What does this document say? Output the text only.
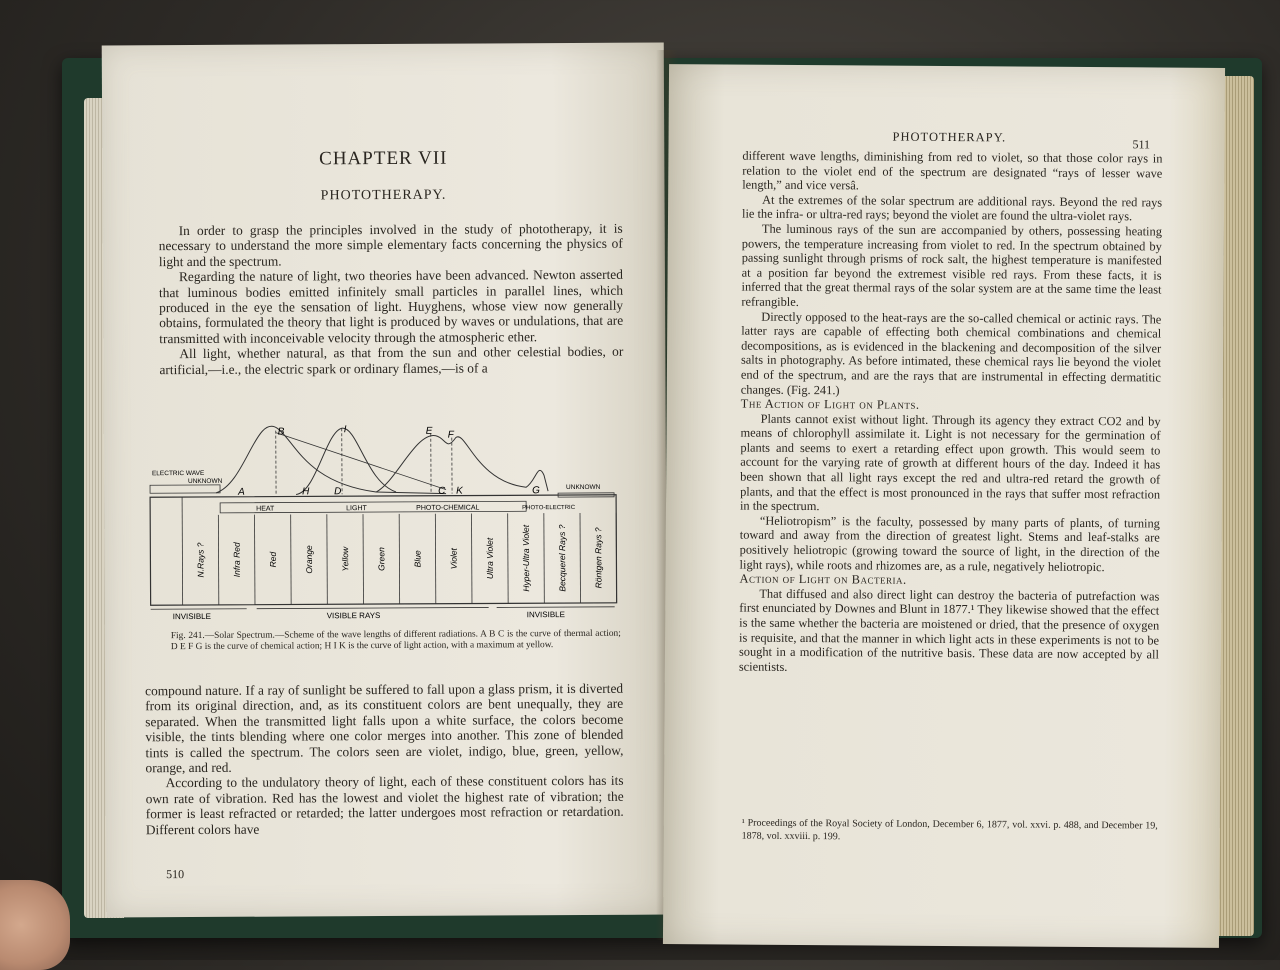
CHAPTER VII
PHOTOTHERAPY.

In order to grasp the principles involved in the study of phototherapy, it is necessary to understand the more simple elementary facts concerning the physics of light and the spectrum.

Regarding the nature of light, two theories have been advanced. Newton asserted that luminous bodies emitted infinitely small particles in parallel lines, which produced in the eye the sensation of light. Huyghens, whose view now generally obtains, formulated the theory that light is produced by waves or undulations, that are transmitted with inconceivable velocity through the atmospheric ether.

All light, whether natural, as that from the sun and other celestial bodies, or artificial,—i.e., the electric spark or ordinary flames,—is of a

A
B
C
D
E F
G
H
I
K
ELECTRIC WAVE
UNKNOWN
UNKNOWN
HEAT	LIGHT	PHOTO-CHEMICAL	PHOTO-ELECTRIC
N.Rays ?	Infra Red	Red	Orange	Yellow	Green	Blue	Violet	Ultra Violet	Hyper-Ultra Violet	Becquerel Rays ?	Röntgen Rays ?
INVISIBLE	VISIBLE RAYS	INVISIBLE
Fig. 241.—Solar Spectrum.—Scheme of the wave lengths of different radiations. A B C is the curve of thermal action; D E F G is the curve of chemical action; H I K is the curve of light action, with a maximum at yellow.

compound nature. If a ray of sunlight be suffered to fall upon a glass prism, it is diverted from its original direction, and, as its constituent colors are bent unequally, they are separated. When the transmitted light falls upon a white surface, the colors become visible, the tints blending where one color merges into another. This zone of blended tints is called the spectrum. The colors seen are violet, indigo, blue, green, yellow, orange, and red.

According to the undulatory theory of light, each of these constituent colors has its own rate of vibration. Red has the lowest and violet the highest rate of vibration; the former is least refracted or retarded; the latter undergoes most refraction or retardation. Different colors have

510
PHOTOTHERAPY.	511

different wave lengths, diminishing from red to violet, so that those color rays in relation to the violet end of the spectrum are designated “rays of lesser wave length,” and vice versâ.

At the extremes of the solar spectrum are additional rays. Beyond the red rays lie the infra- or ultra-red rays; beyond the violet are found the ultra-violet rays.

The luminous rays of the sun are accompanied by others, possessing heating powers, the temperature increasing from violet to red. In the spectrum obtained by passing sunlight through prisms of rock salt, the highest temperature is manifested at a position far beyond the extremest visible red rays. From these facts, it is inferred that the great thermal rays of the solar system are at the same time the least refrangible.

Directly opposed to the heat-rays are the so-called chemical or actinic rays. The latter rays are capable of effecting both chemical combinations and chemical decompositions, as is evidenced in the blackening and decomposition of the silver salts in photography. As before intimated, these chemical rays lie beyond the violet end of the spectrum, and are the rays that are instrumental in effecting dermatitic changes. (Fig. 241.)

The Action of Light on Plants.

Plants cannot exist without light. Through its agency they extract CO2 and by means of chlorophyll assimilate it. Light is not necessary for the germination of plants and seems to exert a retarding effect upon growth. This would seem to account for the varying rate of growth at different hours of the day. Indeed it has been shown that all light rays except the red and ultra-red retard the growth of plants, and that the effect is most pronounced in the rays that suffer most refraction in the spectrum.

“Heliotropism” is the faculty, possessed by many parts of plants, of turning toward and away from the direction of greatest light. Stems and leaf-stalks are positively heliotropic (growing toward the source of light, in the direction of the light rays), while roots and rhizomes are, as a rule, negatively heliotropic.

Action of Light on Bacteria.

That diffused and also direct light can destroy the bacteria of putrefaction was first enunciated by Downes and Blunt in 1877.¹ They likewise showed that the effect is the same whether the bacteria are moistened or dried, that the presence of oxygen is requisite, and that the manner in which light acts in these experiments is not to be sought in a modification of the nutritive basis. These data are now accepted by all scientists.

¹ Proceedings of the Royal Society of London, December 6, 1877, vol. xxvi. p. 488, and December 19, 1878, vol. xxviii. p. 199.
